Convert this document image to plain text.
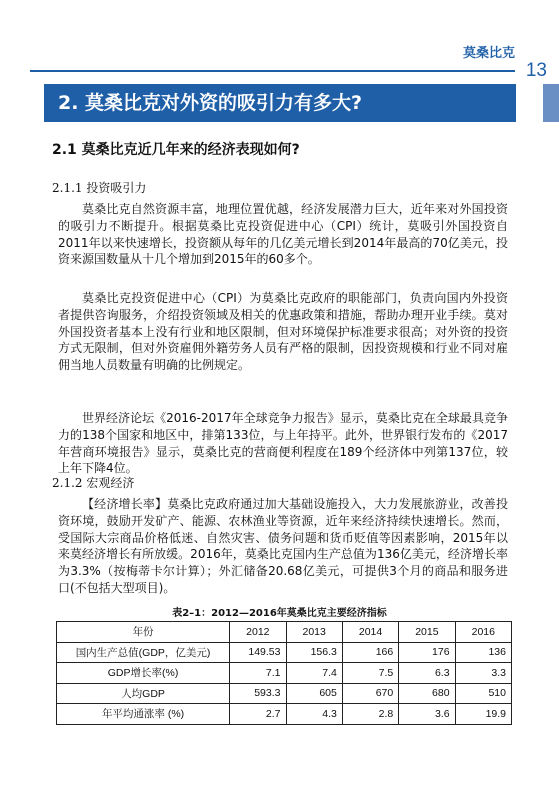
莫桑比克
13
2. 莫桑比克对外资的吸引力有多大?
2.1 莫桑比克近几年来的经济表现如何?
2.1.1 投资吸引力
莫桑比克自然资源丰富，地理位置优越，经济发展潜力巨大，近年来对外国投资的吸引力不断提升。根据莫桑比克投资促进中心（CPI）统计，莫吸引外国投资自2011年以来快速增长，投资额从每年的几亿美元增长到2014年最高的70亿美元，投资来源国数量从十几个增加到2015年的60多个。
莫桑比克投资促进中心（CPI）为莫桑比克政府的职能部门，负责向国内外投资者提供咨询服务，介绍投资领域及相关的优惠政策和措施，帮助办理开业手续。莫对外国投资者基本上没有行业和地区限制，但对环境保护标准要求很高；对外资的投资方式无限制，但对外资雇佣外籍劳务人员有严格的限制，因投资规模和行业不同对雇佣当地人员数量有明确的比例规定。
世界经济论坛《2016-2017年全球竞争力报告》显示，莫桑比克在全球最具竞争力的138个国家和地区中，排第133位，与上年持平。此外，世界银行发布的《2017年营商环境报告》显示，莫桑比克的营商便利程度在189个经济体中列第137位，较上年下降4位。
2.1.2 宏观经济
【经济增长率】莫桑比克政府通过加大基础设施投入，大力发展旅游业，改善投资环境，鼓励开发矿产、能源、农林渔业等资源，近年来经济持续快速增长。然而，受国际大宗商品价格低迷、自然灾害、债务问题和货币贬值等因素影响，2015年以来莫经济增长有所放缓。2016年，莫桑比克国内生产总值为136亿美元，经济增长率为3.3%（按梅蒂卡尔计算）；外汇储备20.68亿美元，可提供3个月的商品和服务进口(不包括大型项目)。
表2–1：2012—2016年莫桑比克主要经济指标
年份	2012	2013	2014	2015	2016
国内生产总值(GDP，亿美元)	149.53	156.3	166	176	136
GDP增长率(%)	7.1	7.4	7.5	6.3	3.3
人均GDP	593.3	605	670	680	510
年平均通涨率 (%)	2.7	4.3	2.8	3.6	19.9
